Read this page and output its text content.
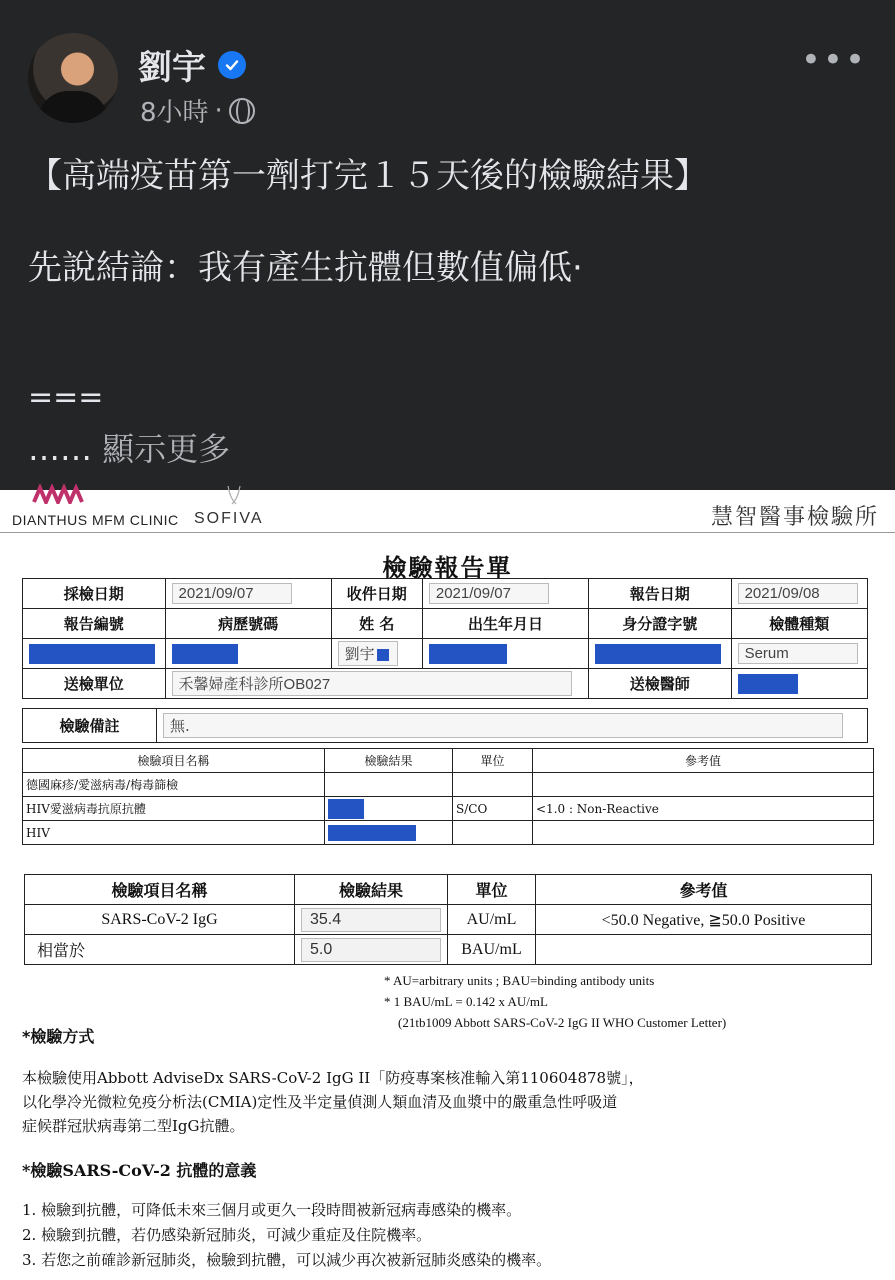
劉宇
8小時 ·
•••
【高端疫苗第一劑打完１５天後的檢驗結果】
先說結論：我有產生抗體但數值偏低·
===
…… 顯示更多
DIANTHUS MFM CLINIC SOFIVA	慧智醫事檢驗所
檢驗報告單
採檢日期	2021/09/07	收件日期	2021/09/07	報告日期	2021/09/08
報告編號	病歷號碼	姓 名	出生年月日	身分證字號	檢體種類
		劉宇			Serum
送檢單位	禾馨婦產科診所OB027			送檢醫師	
檢驗備註	無.
檢驗項目名稱	檢驗結果	單位	參考值
德國麻疹/愛滋病毒/梅毒篩檢			
HIV愛滋病毒抗原抗體		S/CO	<1.0 : Non-Reactive
HIV			
檢驗項目名稱	檢驗結果	單位	參考值
SARS-CoV-2 IgG	35.4	AU/mL	<50.0 Negative, ≧50.0 Positive
相當於	5.0	BAU/mL	
* AU=arbitrary units ; BAU=binding antibody units
* 1 BAU/mL = 0.142 x AU/mL
(21tb1009 Abbott SARS-CoV-2 IgG II WHO Customer Letter)
*檢驗方式
本檢驗使用Abbott AdviseDx SARS-CoV-2 IgG II「防疫專案核准輸入第110604878號」，
以化學冷光微粒免疫分析法(CMIA)定性及半定量偵測人類血清及血漿中的嚴重急性呼吸道
症候群冠狀病毒第二型IgG抗體。
*檢驗SARS-CoV-2 抗體的意義
1. 檢驗到抗體，可降低未來三個月或更久一段時間被新冠病毒感染的機率。
2. 檢驗到抗體，若仍感染新冠肺炎，可減少重症及住院機率。
3. 若您之前確診新冠肺炎，檢驗到抗體，可以減少再次被新冠肺炎感染的機率。
